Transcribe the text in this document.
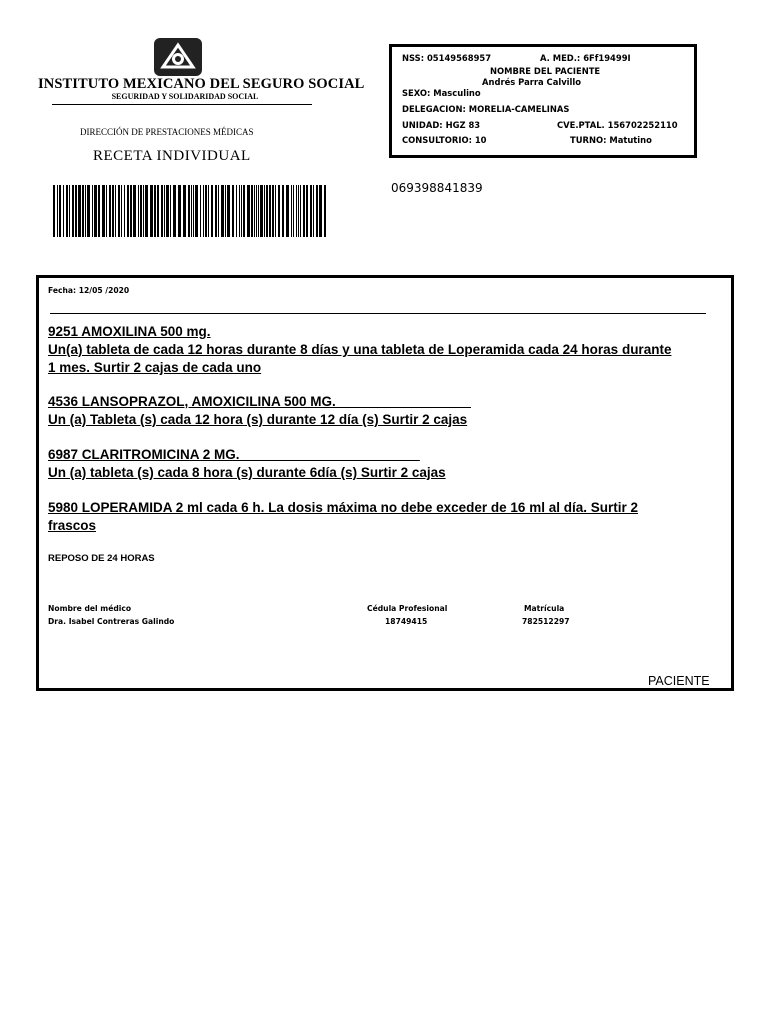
INSTITUTO MEXICANO DEL SEGURO SOCIAL
SEGURIDAD Y SOLIDARIDAD SOCIAL
DIRECCIÓN DE PRESTACIONES MÉDICAS
RECETA INDIVIDUAL
NSS: 05149568957	A. MED.: 6Ff19499I
NOMBRE DEL PACIENTE
Andrés Parra Calvillo
SEXO: Masculino
DELEGACION: MORELIA-CAMELINAS
UNIDAD: HGZ 83	CVE.PTAL. 156702252110
CONSULTORIO: 10	TURNO: Matutino
069398841839
Fecha: 12/05 /2020
9251 AMOXILINA 500 mg.
Un(a) tableta de cada 12 horas durante 8 días y una tableta de Loperamida cada 24 horas durante
1 mes. Surtir 2 cajas de cada uno
4536 LANSOPRAZOL, AMOXICILINA 500 MG.__________________
Un (a) Tableta (s) cada 12 hora (s) durante 12 día (s) Surtir 2 cajas
6987 CLARITROMICINA 2 MG.________________________
Un (a) tableta (s) cada 8 hora (s) durante 6día (s) Surtir 2 cajas
5980 LOPERAMIDA 2 ml cada 6 h. La dosis máxima no debe exceder de 16 ml al día. Surtir 2
frascos
REPOSO DE 24 HORAS
Nombre del médico
Dra. Isabel Contreras Galindo
Cédula Profesional
18749415
Matrícula
782512297
PACIENTE
